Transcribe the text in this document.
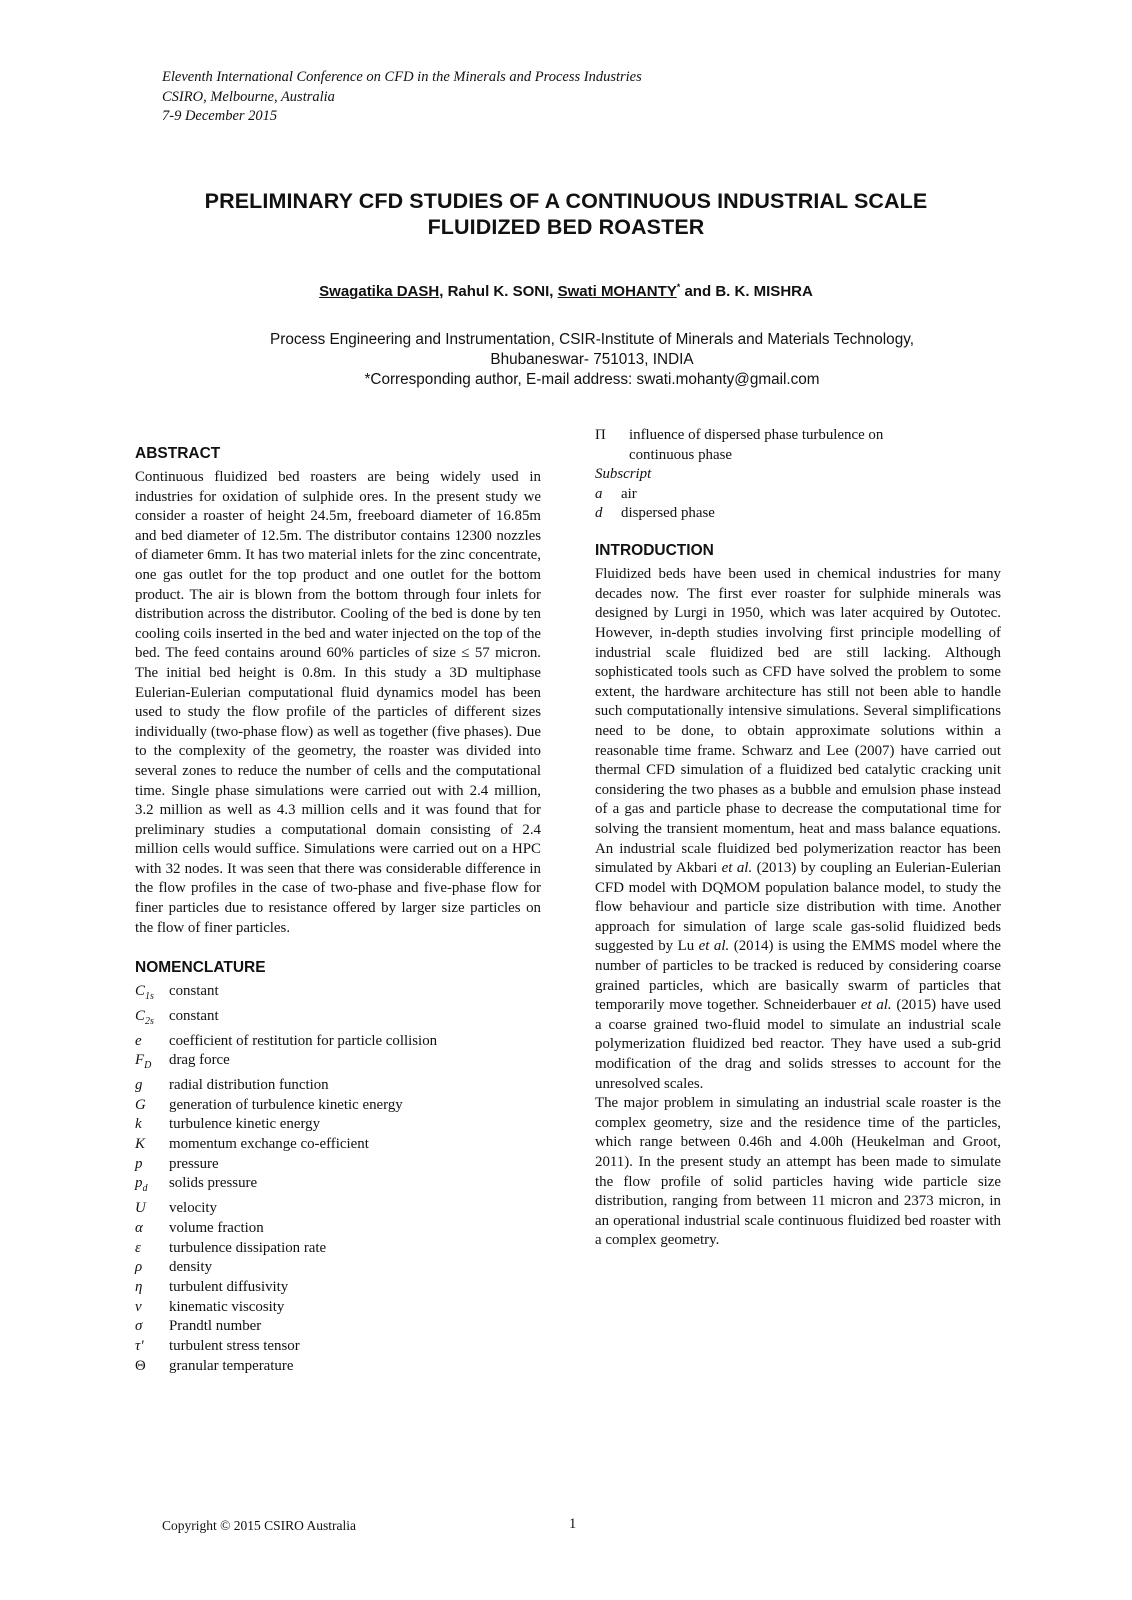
Eleventh International Conference on CFD in the Minerals and Process Industries
CSIRO, Melbourne, Australia
7-9 December 2015
PRELIMINARY CFD STUDIES OF A CONTINUOUS INDUSTRIAL SCALE
FLUIDIZED BED ROASTER
Swagatika DASH, Rahul K. SONI, Swati MOHANTY* and B. K. MISHRA
Process Engineering and Instrumentation, CSIR-Institute of Minerals and Materials Technology,
Bhubaneswar- 751013, INDIA
*Corresponding author, E-mail address: swati.mohanty@gmail.com
ABSTRACT

Continuous fluidized bed roasters are being widely used in industries for oxidation of sulphide ores. In the present study we consider a roaster of height 24.5m, freeboard diameter of 16.85m and bed diameter of 12.5m. The distributor contains 12300 nozzles of diameter 6mm. It has two material inlets for the zinc concentrate, one gas outlet for the top product and one outlet for the bottom product. The air is blown from the bottom through four inlets for distribution across the distributor. Cooling of the bed is done by ten cooling coils inserted in the bed and water injected on the top of the bed. The feed contains around 60% particles of size ≤ 57 micron. The initial bed height is 0.8m. In this study a 3D multiphase Eulerian-Eulerian computational fluid dynamics model has been used to study the flow profile of the particles of different sizes individually (two-phase flow) as well as together (five phases). Due to the complexity of the geometry, the roaster was divided into several zones to reduce the number of cells and the computational time. Single phase simulations were carried out with 2.4 million, 3.2 million as well as 4.3 million cells and it was found that for preliminary studies a computational domain consisting of 2.4 million cells would suffice. Simulations were carried out on a HPC with 32 nodes. It was seen that there was considerable difference in the flow profiles in the case of two-phase and five-phase flow for finer particles due to resistance offered by larger size particles on the flow of finer particles.

NOMENCLATURE
$C_{1s}$	constant
$C_{2s}$	constant
e	coefficient of restitution for particle collision
$F_D$	drag force
g	radial distribution function
G	generation of turbulence kinetic energy
k	turbulence kinetic energy
K	momentum exchange co-efficient
p	pressure
$p_d$	solids pressure
U	velocity
α	volume fraction
ε	turbulence dissipation rate
ρ	density
η	turbulent diffusivity
ν	kinematic viscosity
σ	Prandtl number
τ'	turbulent stress tensor
Θ	granular temperature
Π	influence of dispersed phase turbulence on
continuous phase
Subscript
a	air
d	dispersed phase
INTRODUCTION

Fluidized beds have been used in chemical industries for many decades now. The first ever roaster for sulphide minerals was designed by Lurgi in 1950, which was later acquired by Outotec. However, in-depth studies involving first principle modelling of industrial scale fluidized bed are still lacking. Although sophisticated tools such as CFD have solved the problem to some extent, the hardware architecture has still not been able to handle such computationally intensive simulations. Several simplifications need to be done, to obtain approximate solutions within a reasonable time frame. Schwarz and Lee (2007) have carried out thermal CFD simulation of a fluidized bed catalytic cracking unit considering the two phases as a bubble and emulsion phase instead of a gas and particle phase to decrease the computational time for solving the transient momentum, heat and mass balance equations. An industrial scale fluidized bed polymerization reactor has been simulated by Akbari et al. (2013) by coupling an Eulerian-Eulerian CFD model with DQMOM population balance model, to study the flow behaviour and particle size distribution with time. Another approach for simulation of large scale gas-solid fluidized beds suggested by Lu et al. (2014) is using the EMMS model where the number of particles to be tracked is reduced by considering coarse grained particles, which are basically swarm of particles that temporarily move together. Schneiderbauer et al. (2015) have used a coarse grained two-fluid model to simulate an industrial scale polymerization fluidized bed reactor. They have used a sub-grid modification of the drag and solids stresses to account for the unresolved scales.

The major problem in simulating an industrial scale roaster is the complex geometry, size and the residence time of the particles, which range between 0.46h and 4.00h (Heukelman and Groot, 2011). In the present study an attempt has been made to simulate the flow profile of solid particles having wide particle size distribution, ranging from between 11 micron and 2373 micron, in an operational industrial scale continuous fluidized bed roaster with a complex geometry.

Copyright © 2015 CSIRO Australia	1
